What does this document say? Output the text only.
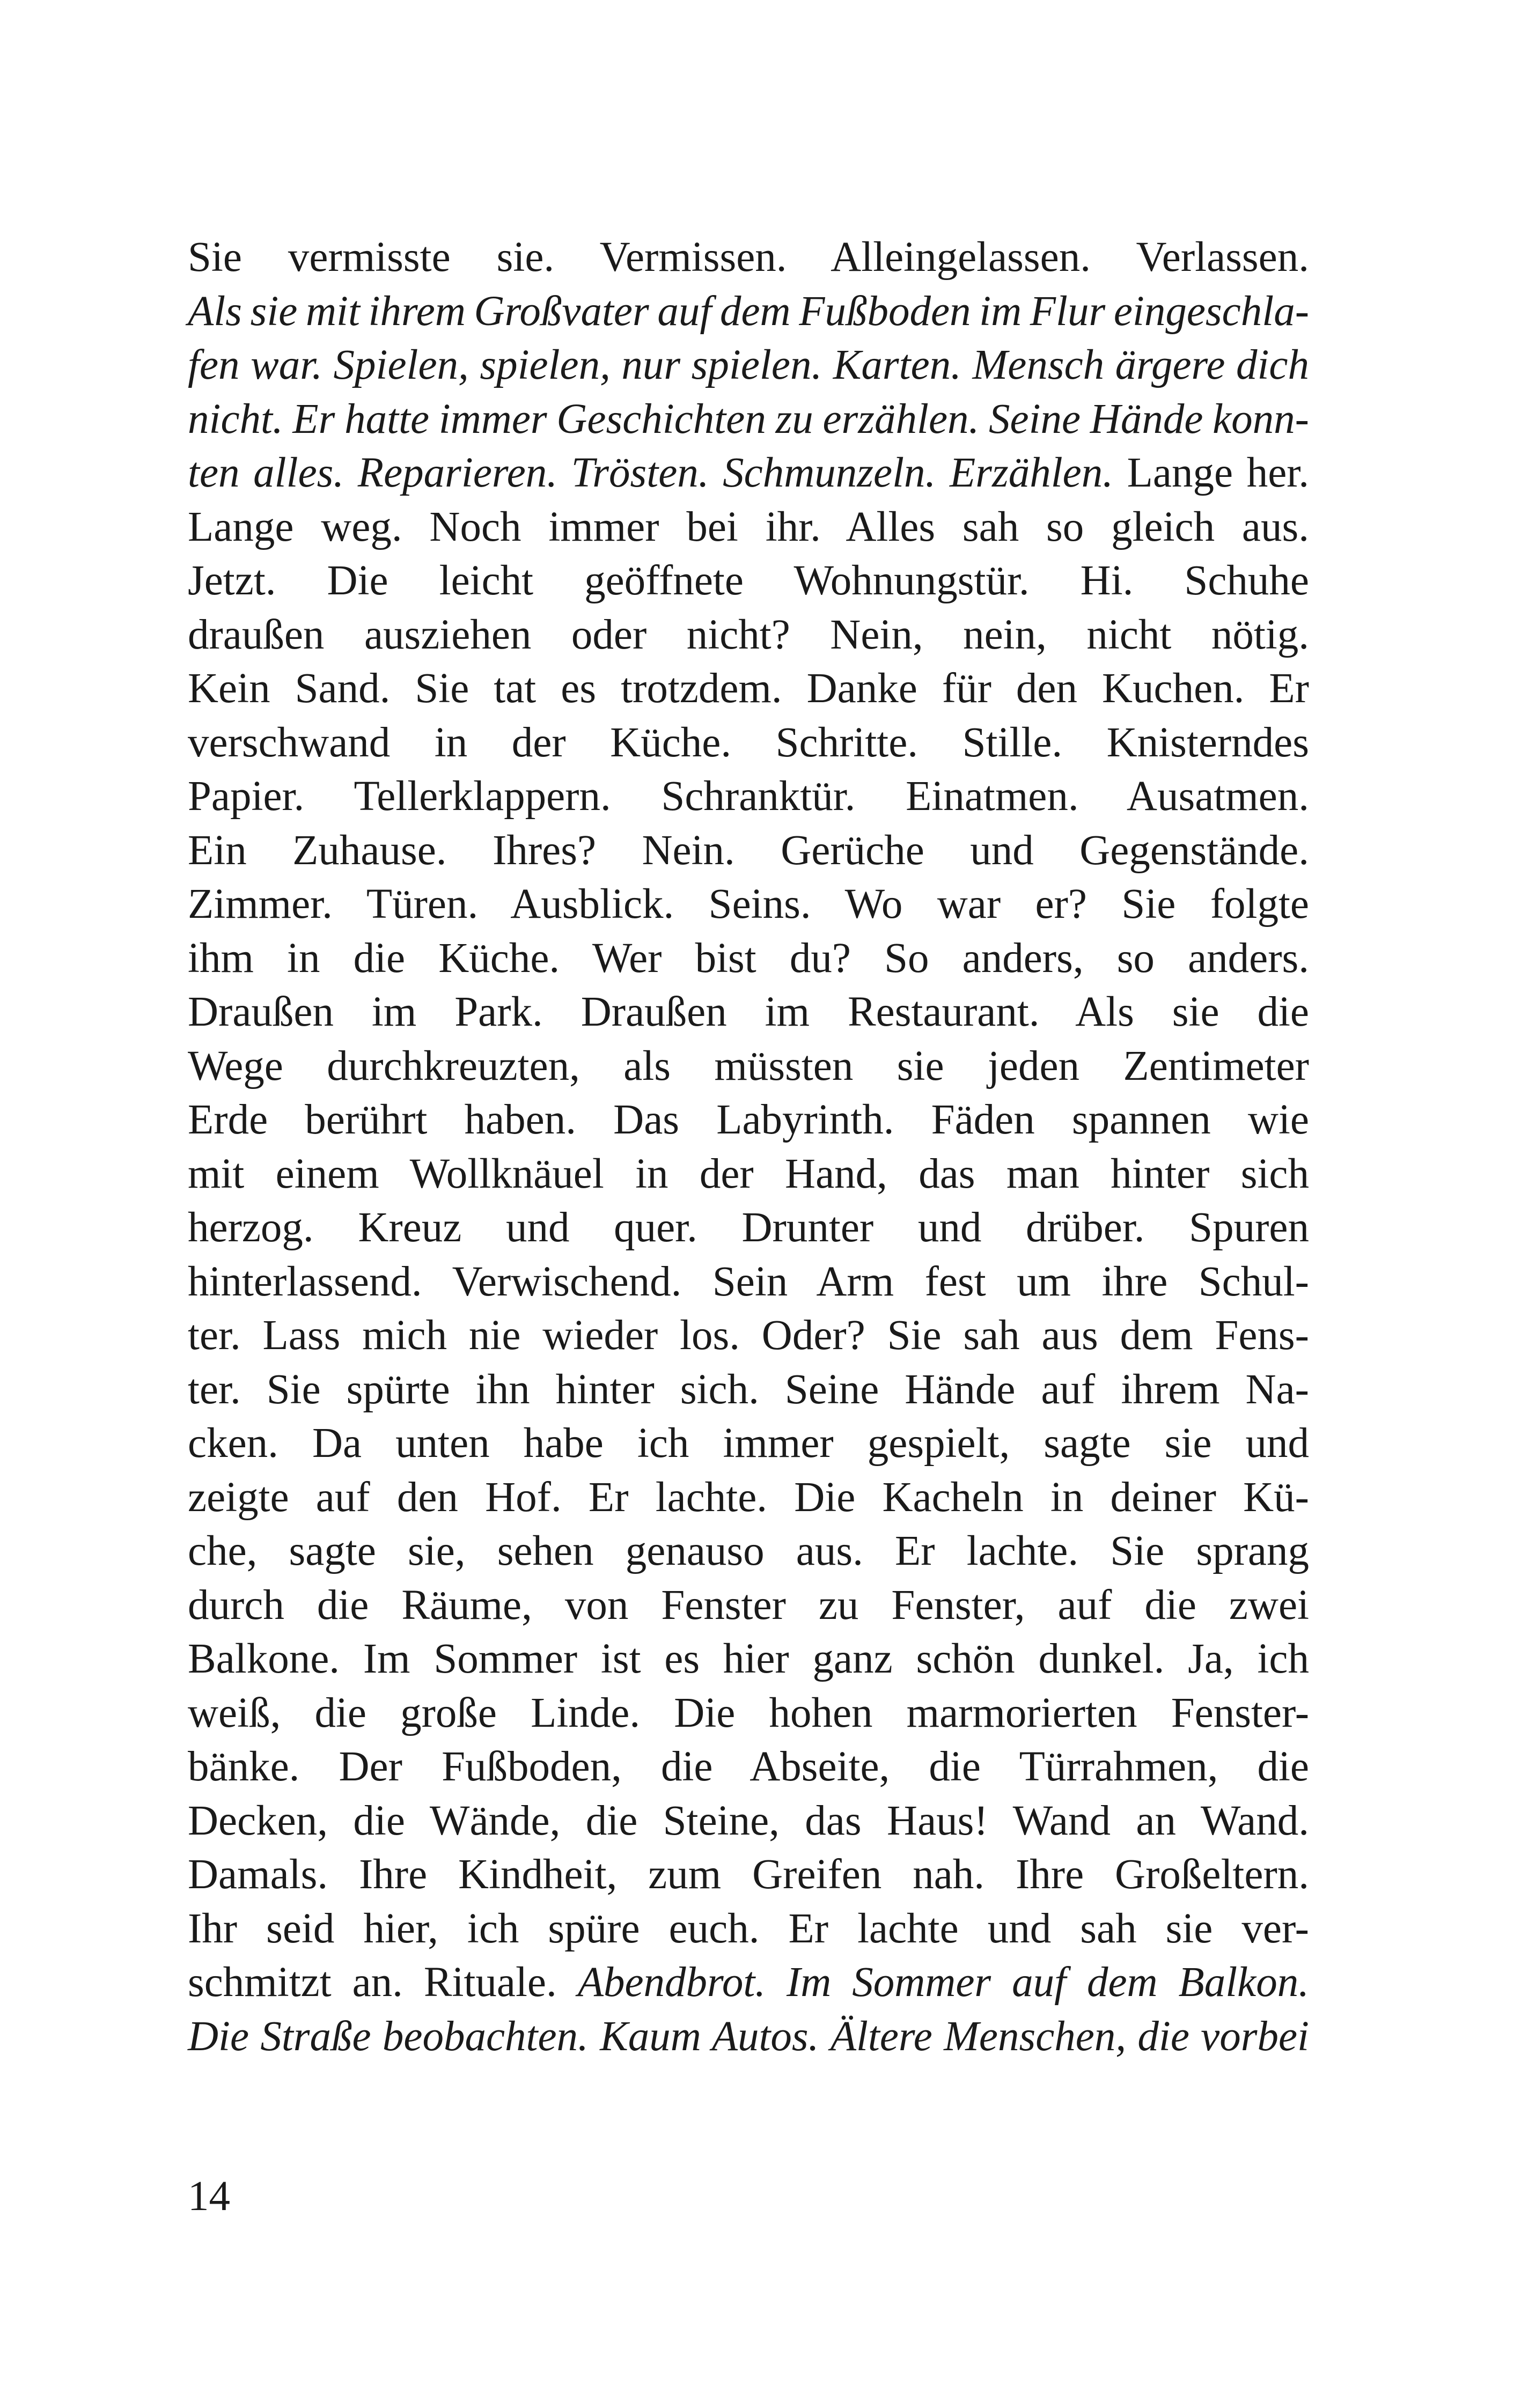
Sie vermisste sie. Vermissen. Alleingelassen. Verlassen.
Als sie mit ihrem Großvater auf dem Fußboden im Flur eingeschla-
fen war. Spielen, spielen, nur spielen. Karten. Mensch ärgere dich
nicht. Er hatte immer Geschichten zu erzählen. Seine Hände konn-
ten alles. Reparieren. Trösten. Schmunzeln. Erzählen. Lange her.
Lange weg. Noch immer bei ihr. Alles sah so gleich aus.
Jetzt. Die leicht geöffnete Wohnungstür. Hi. Schuhe
draußen ausziehen oder nicht? Nein, nein, nicht nötig.
Kein Sand. Sie tat es trotzdem. Danke für den Kuchen. Er
verschwand in der Küche. Schritte. Stille. Knisterndes
Papier. Tellerklappern. Schranktür. Einatmen. Ausatmen.
Ein Zuhause. Ihres? Nein. Gerüche und Gegenstände.
Zimmer. Türen. Ausblick. Seins. Wo war er? Sie folgte
ihm in die Küche. Wer bist du? So anders, so anders.
Draußen im Park. Draußen im Restaurant. Als sie die
Wege durchkreuzten, als müssten sie jeden Zentimeter
Erde berührt haben. Das Labyrinth. Fäden spannen wie
mit einem Wollknäuel in der Hand, das man hinter sich
herzog. Kreuz und quer. Drunter und drüber. Spuren
hinterlassend. Verwischend. Sein Arm fest um ihre Schul-
ter. Lass mich nie wieder los. Oder? Sie sah aus dem Fens-
ter. Sie spürte ihn hinter sich. Seine Hände auf ihrem Na-
cken. Da unten habe ich immer gespielt, sagte sie und
zeigte auf den Hof. Er lachte. Die Kacheln in deiner Kü-
che, sagte sie, sehen genauso aus. Er lachte. Sie sprang
durch die Räume, von Fenster zu Fenster, auf die zwei
Balkone. Im Sommer ist es hier ganz schön dunkel. Ja, ich
weiß, die große Linde. Die hohen marmorierten Fenster-
bänke. Der Fußboden, die Abseite, die Türrahmen, die
Decken, die Wände, die Steine, das Haus! Wand an Wand.
Damals. Ihre Kindheit, zum Greifen nah. Ihre Großeltern.
Ihr seid hier, ich spüre euch. Er lachte und sah sie ver-
schmitzt an. Rituale. Abendbrot. Im Sommer auf dem Balkon.
Die Straße beobachten. Kaum Autos. Ältere Menschen, die vorbei
14
